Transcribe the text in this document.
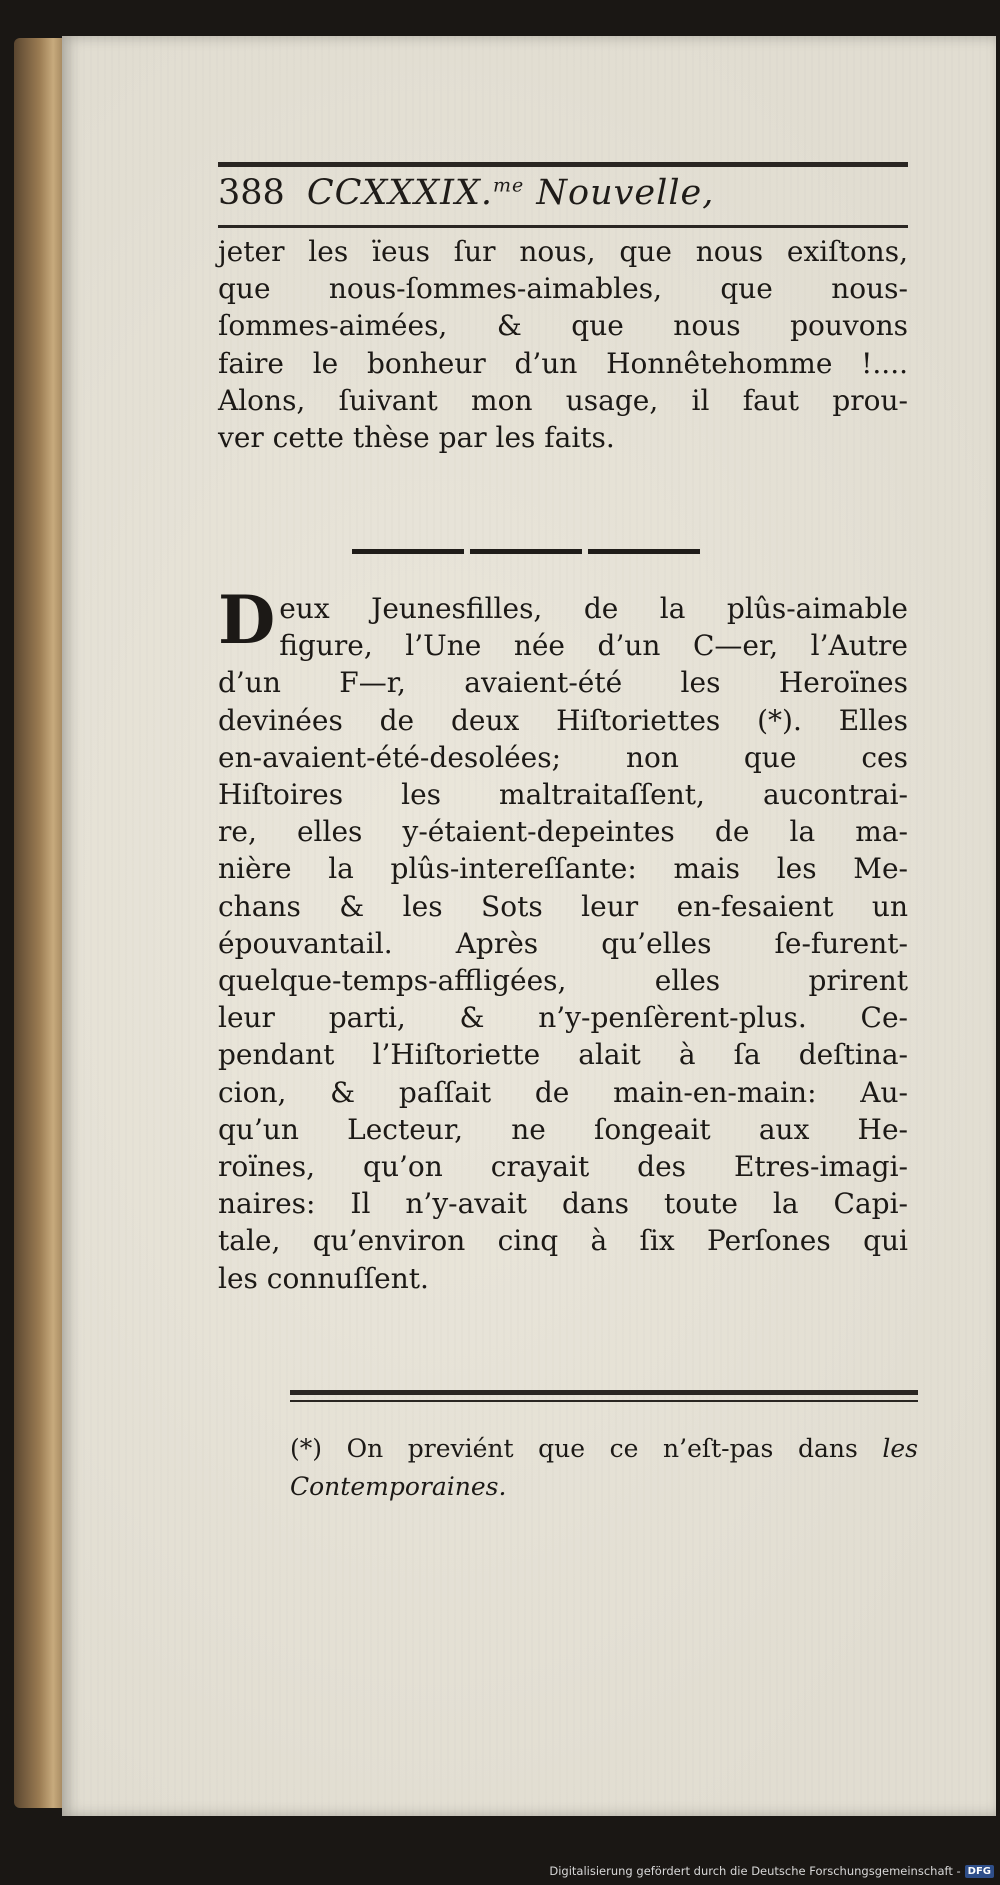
388 CCXXXIX.$^{me}$ Nouvelle,
jeter les ïeus ſur nous, que nous exiſtons,
que nous-ſommes-aimables, que nous-
ſommes-aimées, & que nous pouvons
faire le bonheur d’un Honnêtehomme !....
Alons, ſuivant mon usage, il faut prou-
ver cette thèse par les faits.
D eux Jeunesfilles, de la plûs-aimable
figure, l’Une née d’un C—er, l’Autre
d’un F—r, avaient-été les Heroïnes
devinées de deux Hiſtoriettes (*). Elles
en-avaient-été-desolées; non que ces
Hiſtoires les maltraitaſſent, aucontrai-
re, elles y-étaient-depeintes de la ma-
nière la plûs-intereſſante: mais les Me-
chans & les Sots leur en-fesaient un
épouvantail. Après qu’elles ſe-furent-
quelque-temps-affligées, elles prirent
leur parti, & n’y-penſèrent-plus. Ce-
pendant l’Hiſtoriette alait à ſa deſtina-
cion, & paſſait de main-en-main: Au-
qu’un Lecteur, ne ſongeait aux He-
roïnes, qu’on crayait des Etres-imagi-
naires: Il n’y-avait dans toute la Capi-
tale, qu’environ cinq à ſix Perſones qui
les connuſſent.
(*) On previént que ce n’eſt-pas dans les
Contemporaines.
Digitalisierung gefördert durch die Deutsche Forschungsgemeinschaft - DFG
